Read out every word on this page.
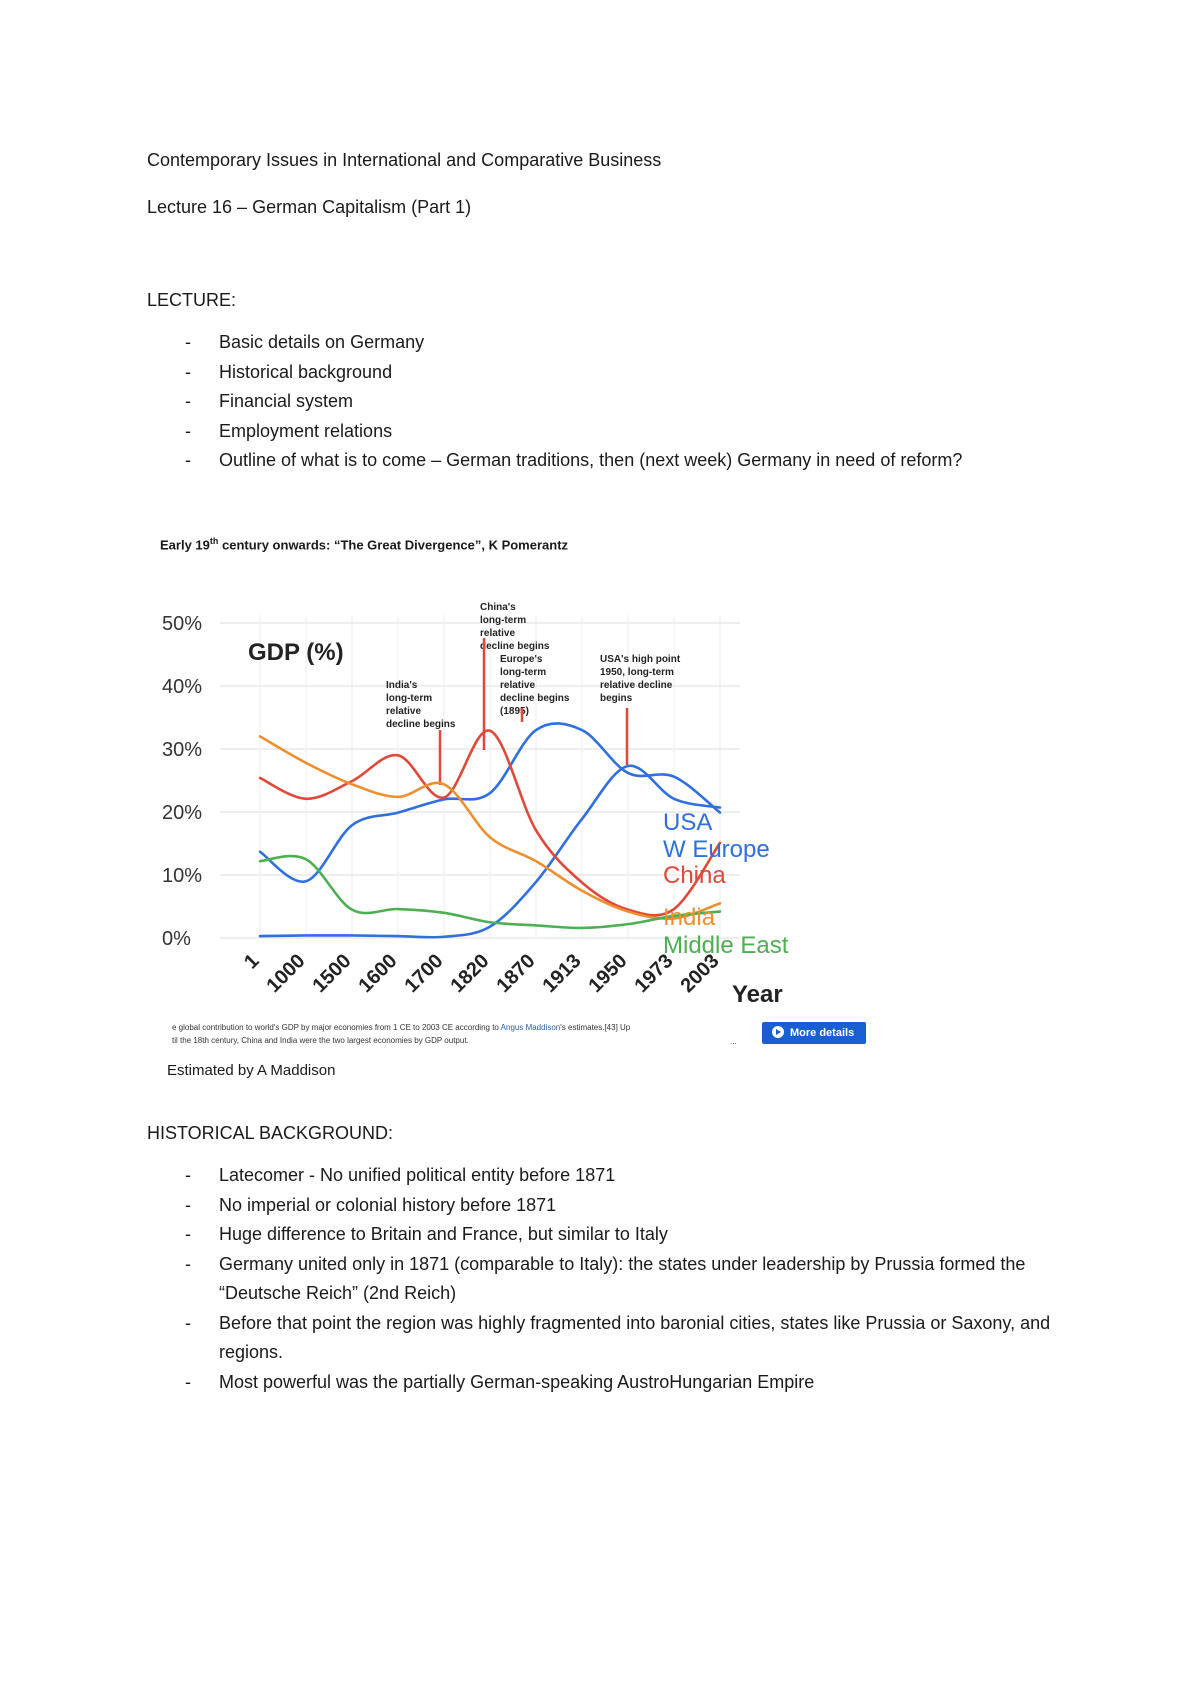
Contemporary Issues in International and Comparative Business
Lecture 16 – German Capitalism (Part 1)
LECTURE:
- Basic details on Germany
- Historical background
- Financial system
- Employment relations
- Outline of what is to come – German traditions, then (next week) Germany in need of reform?
Early 19th century onwards: “The Great Divergence”, K Pomerantz
0%
10%
20%
30%
40%
50%
GDP (%)
India's long-term relative decline begins
China's long-term relative decline begins
Europe's long-term relative decline begins (1895)
USA's high point 1950, long-term relative decline begins
USA
W Europe
China
India
Middle East
1
1000
1500
1600
1700
1820
1870
1913
1950
1973
2003 Year
e global contribution to world's GDP by major economies from 1 CE to 2003 CE according to Angus Maddison's estimates.[43] Up
til the 18th century, China and India were the two largest economies by GDP output.	...
More details
Estimated by A Maddison
HISTORICAL BACKGROUND:
- Latecomer - No unified political entity before 1871
- No imperial or colonial history before 1871
- Huge difference to Britain and France, but similar to Italy
- Germany united only in 1871 (comparable to Italy): the states under leadership by Prussia formed the “Deutsche Reich” (2nd Reich)
- Before that point the region was highly fragmented into baronial cities, states like Prussia or Saxony, and regions.
- Most powerful was the partially German-speaking AustroHungarian Empire
